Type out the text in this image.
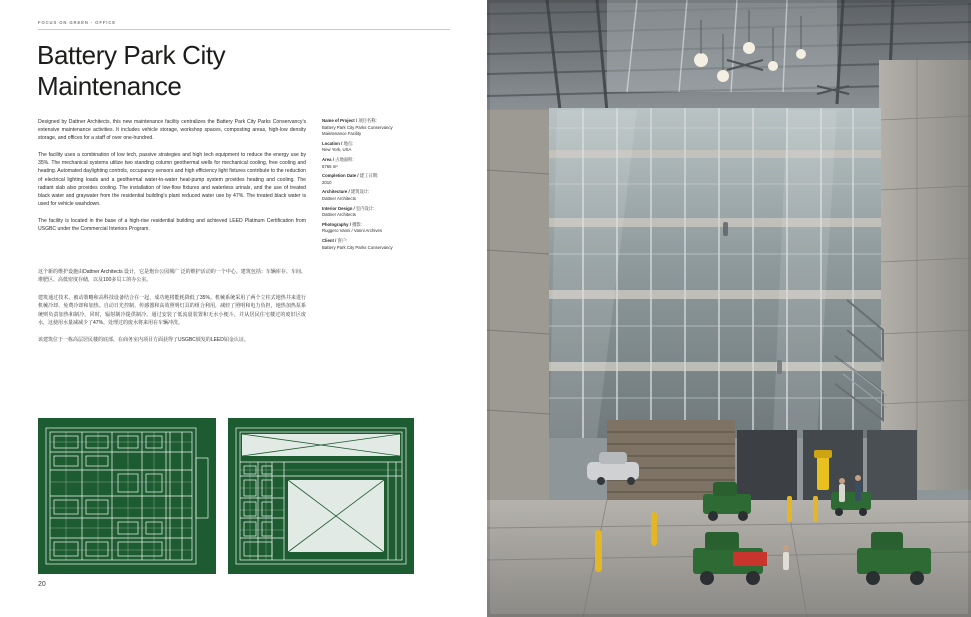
FOCUS ON GREEN · OFFICE
Battery Park City Maintenance

Designed by Dattner Architects, this new maintenance facility centralizes the Battery Park City Parks Conservancy's extensive maintenance activities. It includes vehicle storage, workshop spaces, composting areas, high-low density storage, and offices for a staff of over one-hundred.

The facility uses a combination of low tech, passive strategies and high tech equipment to reduce the energy use by 35%. The mechanical systems utilize two standing column geothermal wells for mechanical cooling, free cooling and heating. Automated daylighting controls, occupancy sensors and high efficiency light fixtures contribute to the reduction of electrical lighting loads and a geothermal water-to-water heat-pump system provides heating and cooling. The radiant slab also provides cooling. The installation of low-flow fixtures and waterless urinals, and the use of treated black water and graywater from the residential building's plant reduced water use by 47%. The treated black water is used for vehicle washdown.

The facility is located in the base of a high-rise residential building and achieved LEED Platinum Certification from USGBC under the Commercial Interiors Program.

这个新的维护设施由Dattner Architects 设计，它是炮台公园城广 泛的维护活动的一个中心。建筑包括：车辆库存、车间、堆肥区、高低密度存储，以及100多员工的办公室。

建筑通过技术、被动策略和高科技设备结合在一起，成功地将能耗降低了35%。机械系统采用了两个立柱式地热井来进行机械冷却、免费冷却和加热。自动日光控制、传感器和高效照明灯具的组合利用，减轻了照明和电力负担，地热加热泵系统则负责加热和制冷。同时，辐射制冷提供制冷。通过安装了低流量装置和无水小便斗，并从居民住宅楼过的废旧区废水，这使用水量减减少了47%。处理过的废水将来用在车辆冲洗。

该建筑位于一栋高层居民楼的底部，在商务室内项目方面获得了USGBC颁发的LEED铂金认证。

Name of Project / 项目名称:
Battery Park City Parks Conservancy
Maintenance Facility
Location / 地点:
New York, USA
Area / 占地面积:
5765 m²
Completion Date / 建工日期:
2010
Architecture / 建筑设计:
Dattner Architects
Interior Design / 室内设计:
Dattner Architects
Photography / 摄影:
Ruggero Vanni / Vanni Archives
Client / 客户:
Battery Park City Parks Conservancy
20
